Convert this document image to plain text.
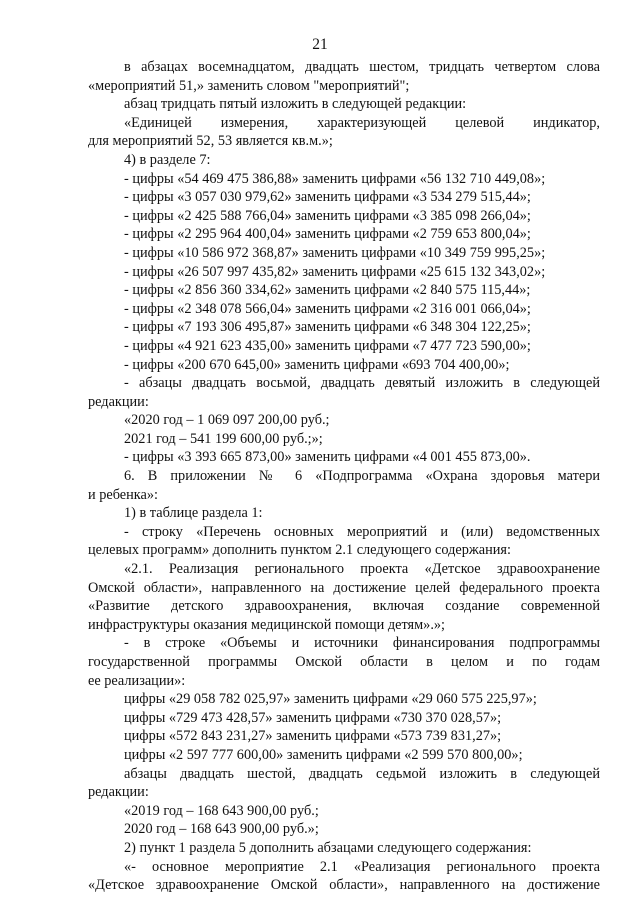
21

в абзацах восемнадцатом, двадцать шестом, тридцать четвертом слова

«мероприятий 51,» заменить словом "мероприятий";

абзац тридцать пятый изложить в следующей редакции:

«Единицей измерения, характеризующей целевой индикатор,

для мероприятий 52, 53 является кв.м.»;

4) в разделе 7:

- цифры «54 469 475 386,88» заменить цифрами «56 132 710 449,08»;

- цифры «3 057 030 979,62» заменить цифрами «3 534 279 515,44»;

- цифры «2 425 588 766,04» заменить цифрами «3 385 098 266,04»;

- цифры «2 295 964 400,04» заменить цифрами «2 759 653 800,04»;

- цифры «10 586 972 368,87» заменить цифрами «10 349 759 995,25»;

- цифры «26 507 997 435,82» заменить цифрами «25 615 132 343,02»;

- цифры «2 856 360 334,62» заменить цифрами «2 840 575 115,44»;

- цифры «2 348 078 566,04» заменить цифрами «2 316 001 066,04»;

- цифры «7 193 306 495,87» заменить цифрами «6 348 304 122,25»;

- цифры «4 921 623 435,00» заменить цифрами «7 477 723 590,00»;

- цифры «200 670 645,00» заменить цифрами «693 704 400,00»;

- абзацы двадцать восьмой, двадцать девятый изложить в следующей

редакции:

«2020 год – 1 069 097 200,00 руб.;

2021 год – 541 199 600,00 руб.;»;

- цифры «3 393 665 873,00» заменить цифрами «4 001 455 873,00».

6. В приложении № 6 «Подпрограмма «Охрана здоровья матери

и ребенка»:

1) в таблице раздела 1:

- строку «Перечень основных мероприятий и (или) ведомственных

целевых программ» дополнить пунктом 2.1 следующего содержания:

«2.1. Реализация регионального проекта «Детское здравоохранение

Омской области», направленного на достижение целей федерального проекта

«Развитие детского здравоохранения, включая создание современной

инфраструктуры оказания медицинской помощи детям».»;

- в строке «Объемы и источники финансирования подпрограммы

государственной программы Омской области в целом и по годам

ее реализации»:

цифры «29 058 782 025,97» заменить цифрами «29 060 575 225,97»;

цифры «729 473 428,57» заменить цифрами «730 370 028,57»;

цифры «572 843 231,27» заменить цифрами «573 739 831,27»;

цифры «2 597 777 600,00» заменить цифрами «2 599 570 800,00»;

абзацы двадцать шестой, двадцать седьмой изложить в следующей

редакции:

«2019 год – 168 643 900,00 руб.;

2020 год – 168 643 900,00 руб.»;

2) пункт 1 раздела 5 дополнить абзацами следующего содержания:

«- основное мероприятие 2.1 «Реализация регионального проекта

«Детское здравоохранение Омской области», направленного на достижение
